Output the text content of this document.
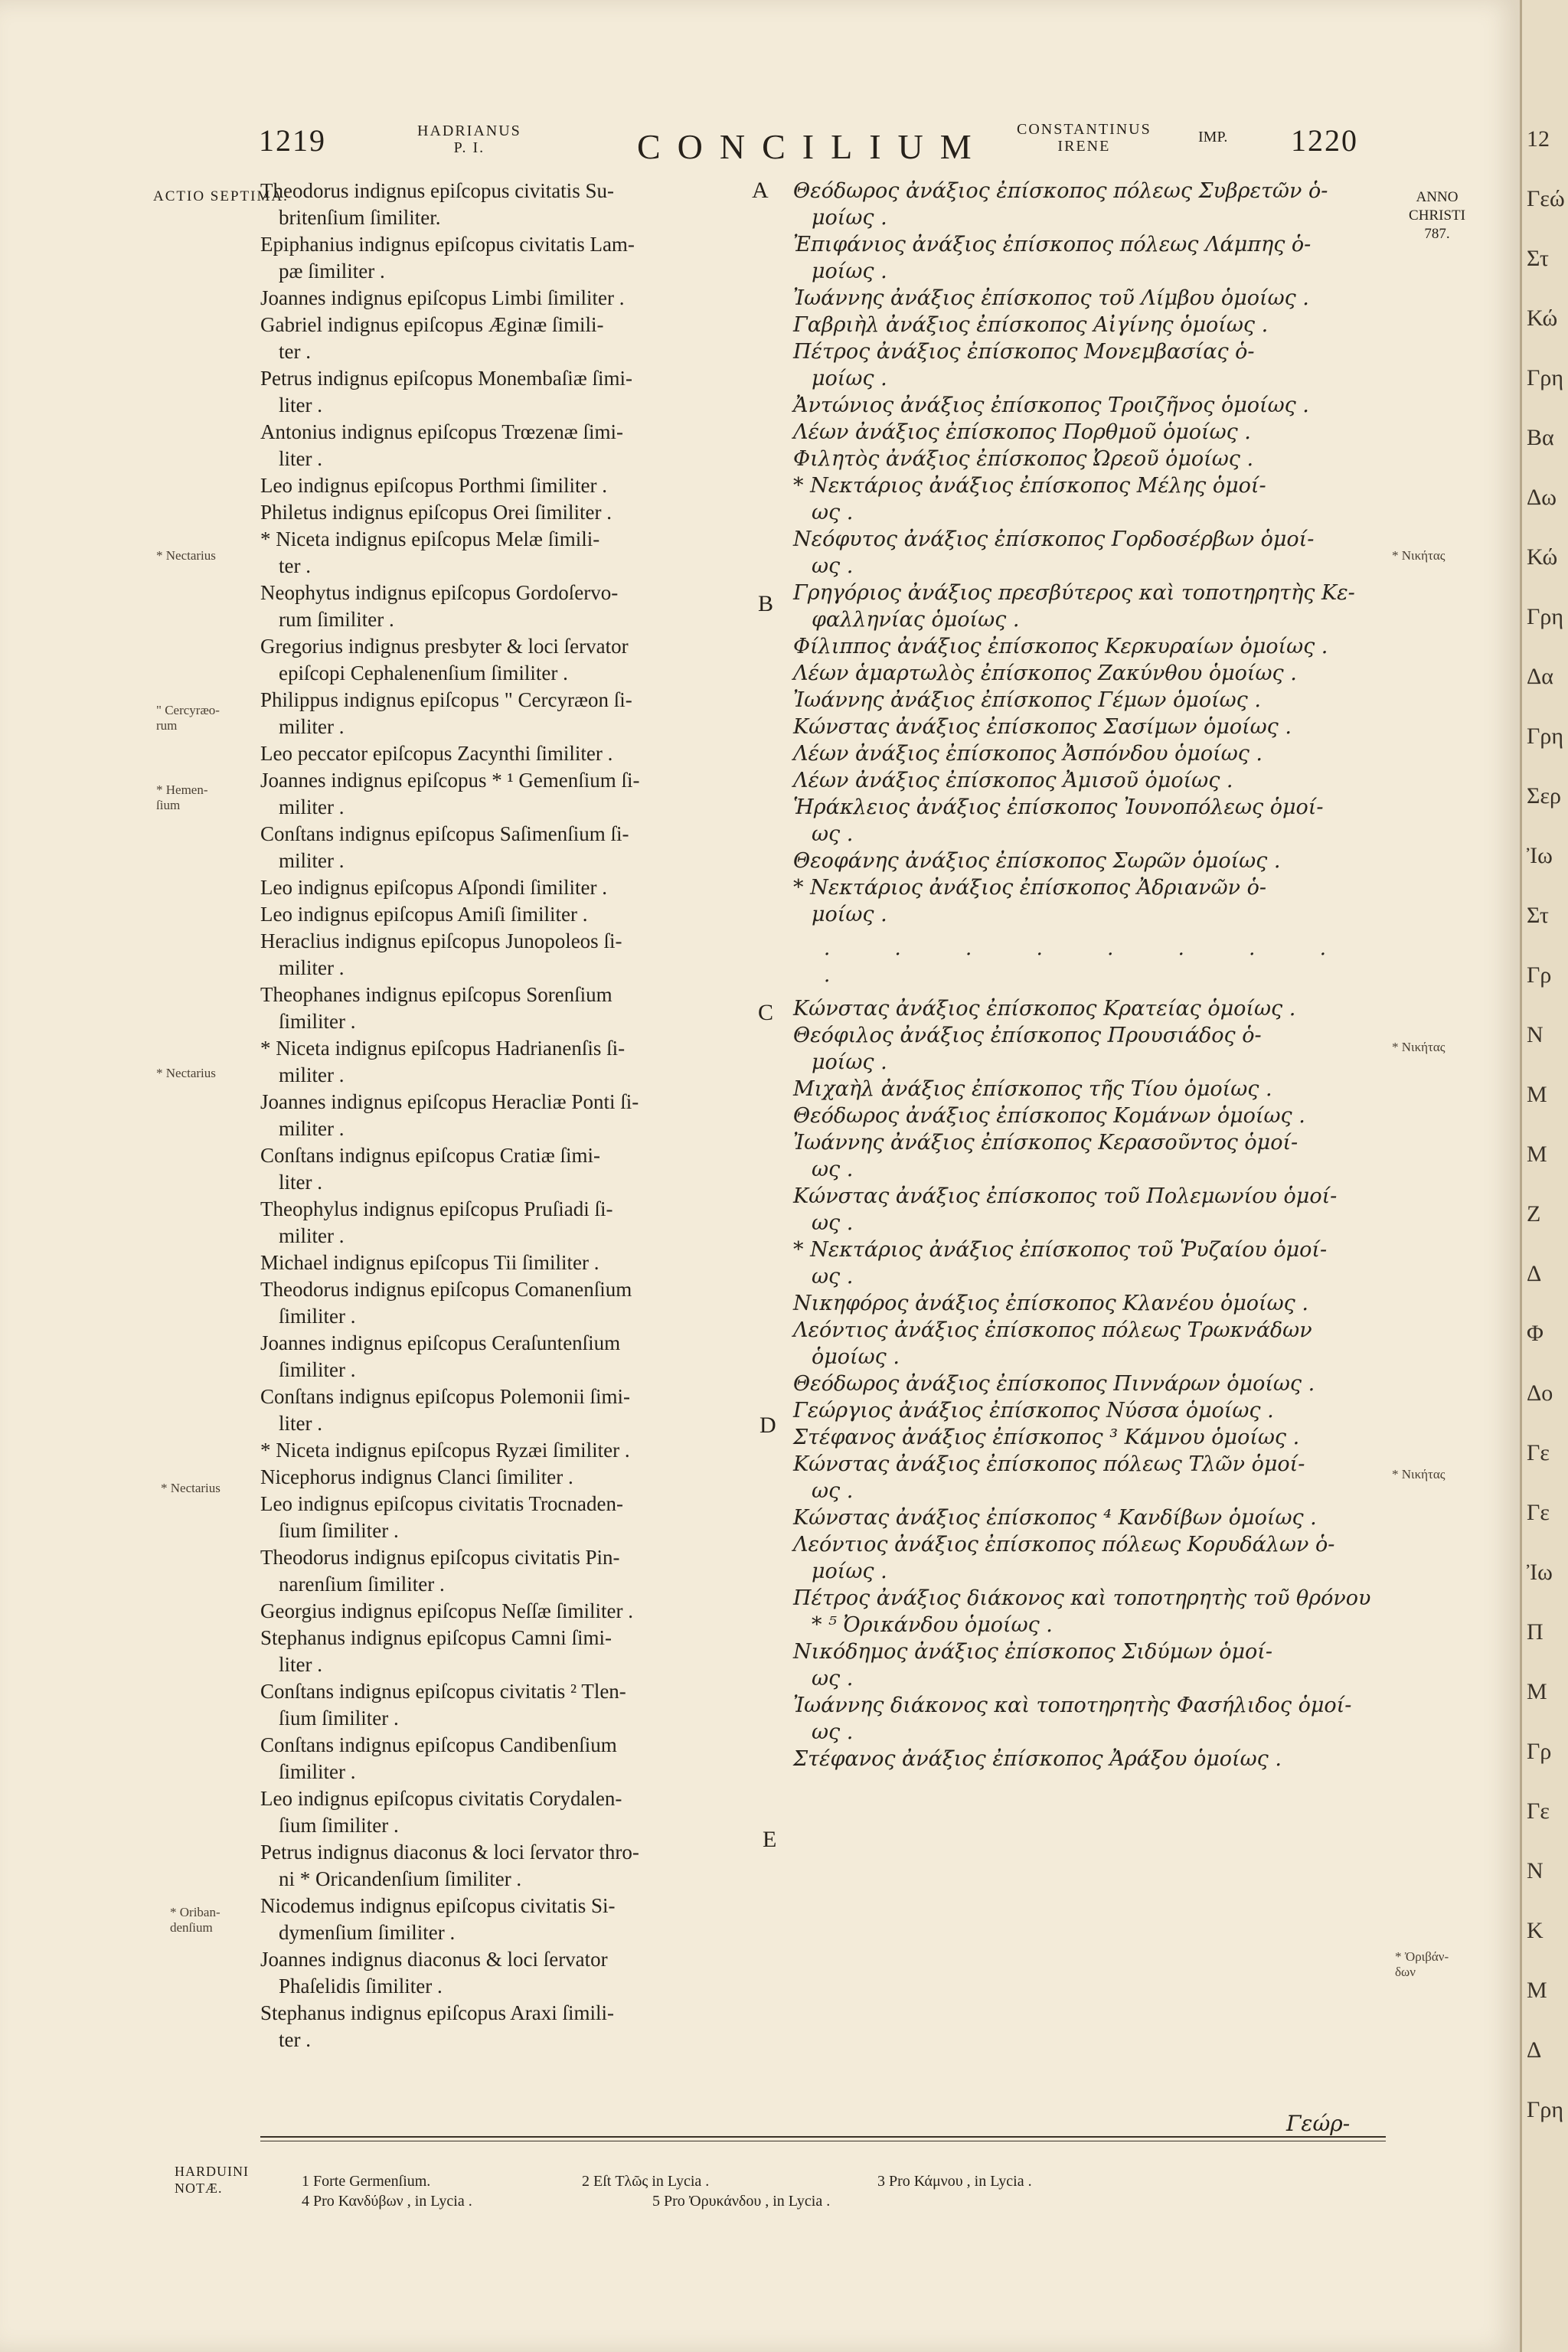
1219	HADRIANUS
P. I.	CONCILIUM CONSTANTINUS
IRENE
IMP. 1220
ACTIO SEPTIMA.	ANNO
CHRISTI
787.

Theodorus indignus epiſcopus civitatis Su-
britenſium ſimiliter.

Epiphanius indignus epiſcopus civitatis Lam-
pæ ſimiliter .

Joannes indignus epiſcopus Limbi ſimiliter .

Gabriel indignus epiſcopus Æginæ ſimili-
ter .

Petrus indignus epiſcopus Monembaſiæ ſimi-
liter .

Antonius indignus epiſcopus Trœzenæ ſimi-
liter .

Leo indignus epiſcopus Porthmi ſimiliter .

Philetus indignus epiſcopus Orei ſimiliter .

* Niceta indignus epiſcopus Melæ ſimili-
ter .

Neophytus indignus epiſcopus Gordoſervo-
rum ſimiliter .

Gregorius indignus presbyter & loci ſervator
epiſcopi Cephalenenſium ſimiliter .

Philippus indignus epiſcopus " Cercyræon ſi-
militer .

Leo peccator epiſcopus Zacynthi ſimiliter .

Joannes indignus epiſcopus * ¹ Gemenſium ſi-
militer .

Conſtans indignus epiſcopus Saſimenſium ſi-
militer .

Leo indignus epiſcopus Aſpondi ſimiliter .

Leo indignus epiſcopus Amiſi ſimiliter .

Heraclius indignus epiſcopus Junopoleos ſi-
militer .

Theophanes indignus epiſcopus Sorenſium
ſimiliter .

* Niceta indignus epiſcopus Hadrianenſis ſi-
militer .

Joannes indignus epiſcopus Heracliæ Ponti ſi-
militer .

Conſtans indignus epiſcopus Cratiæ ſimi-
liter .

Theophylus indignus epiſcopus Pruſiadi ſi-
militer .

Michael indignus epiſcopus Tii ſimiliter .

Theodorus indignus epiſcopus Comanenſium
ſimiliter .

Joannes indignus epiſcopus Ceraſuntenſium
ſimiliter .

Conſtans indignus epiſcopus Polemonii ſimi-
liter .

* Niceta indignus epiſcopus Ryzæi ſimiliter .

Nicephorus indignus Clanci ſimiliter .

Leo indignus epiſcopus civitatis Trocnaden-
ſium ſimiliter .

Theodorus indignus epiſcopus civitatis Pin-
narenſium ſimiliter .

Georgius indignus epiſcopus Neſſæ ſimiliter .

Stephanus indignus epiſcopus Camni ſimi-
liter .

Conſtans indignus epiſcopus civitatis ² Tlen-
ſium ſimiliter .

Conſtans indignus epiſcopus Candibenſium
ſimiliter .

Leo indignus epiſcopus civitatis Corydalen-
ſium ſimiliter .

Petrus indignus diaconus & loci ſervator thro-
ni * Oricandenſium ſimiliter .

Nicodemus indignus epiſcopus civitatis Si-
dymenſium ſimiliter .

Joannes indignus diaconus & loci ſervator
Phaſelidis ſimiliter .

Stephanus indignus epiſcopus Araxi ſimili-
ter .

Θεόδωρος ἀνάξιος ἐπίσκοπος πόλεως Συβρετῶν ὁ-
μοίως .

Ἐπιφάνιος ἀνάξιος ἐπίσκοπος πόλεως Λάμπης ὁ-
μοίως .

Ἰωάννης ἀνάξιος ἐπίσκοπος τοῦ Λίμβου ὁμοίως .

Γαβριὴλ ἀνάξιος ἐπίσκοπος Αἰγίνης ὁμοίως .

Πέτρος ἀνάξιος ἐπίσκοπος Μονεμβασίας ὁ-
μοίως .

Ἀντώνιος ἀνάξιος ἐπίσκοπος Τροιζῆνος ὁμοίως .

Λέων ἀνάξιος ἐπίσκοπος Πορθμοῦ ὁμοίως .

Φιλητὸς ἀνάξιος ἐπίσκοπος Ὠρεοῦ ὁμοίως .

* Νεκτάριος ἀνάξιος ἐπίσκοπος Μέλης ὁμοί-
ως .

Νεόφυτος ἀνάξιος ἐπίσκοπος Γορδοσέρβων ὁμοί-
ως .

Γρηγόριος ἀνάξιος πρεσβύτερος καὶ τοποτηρητὴς Κε-
φαλληνίας ὁμοίως .

Φίλιππος ἀνάξιος ἐπίσκοπος Κερκυραίων ὁμοίως .

Λέων ἁμαρτωλὸς ἐπίσκοπος Ζακύνθου ὁμοίως .

Ἰωάννης ἀνάξιος ἐπίσκοπος Γέμων ὁμοίως .

Κώνστας ἀνάξιος ἐπίσκοπος Σασίμων ὁμοίως .

Λέων ἀνάξιος ἐπίσκοπος Ἀσπόνδου ὁμοίως .

Λέων ἀνάξιος ἐπίσκοπος Ἀμισοῦ ὁμοίως .

Ἡράκλειος ἀνάξιος ἐπίσκοπος Ἰουνοπόλεως ὁμοί-
ως .

Θεοφάνης ἀνάξιος ἐπίσκοπος Σωρῶν ὁμοίως .

* Νεκτάριος ἀνάξιος ἐπίσκοπος Ἀδριανῶν ὁ-
μοίως .

· · · · · · · · ·

Κώνστας ἀνάξιος ἐπίσκοπος Κρατείας ὁμοίως .

Θεόφιλος ἀνάξιος ἐπίσκοπος Προυσιάδος ὁ-
μοίως .

Μιχαὴλ ἀνάξιος ἐπίσκοπος τῆς Τίου ὁμοίως .

Θεόδωρος ἀνάξιος ἐπίσκοπος Κομάνων ὁμοίως .

Ἰωάννης ἀνάξιος ἐπίσκοπος Κερασοῦντος ὁμοί-
ως .

Κώνστας ἀνάξιος ἐπίσκοπος τοῦ Πολεμωνίου ὁμοί-
ως .

* Νεκτάριος ἀνάξιος ἐπίσκοπος τοῦ Ῥυζαίου ὁμοί-
ως .

Νικηφόρος ἀνάξιος ἐπίσκοπος Κλανέου ὁμοίως .

Λεόντιος ἀνάξιος ἐπίσκοπος πόλεως Τρωκνάδων
ὁμοίως .

Θεόδωρος ἀνάξιος ἐπίσκοπος Πιννάρων ὁμοίως .

Γεώργιος ἀνάξιος ἐπίσκοπος Νύσσα ὁμοίως .

Στέφανος ἀνάξιος ἐπίσκοπος ³ Κάμνου ὁμοίως .

Κώνστας ἀνάξιος ἐπίσκοπος πόλεως Τλῶν ὁμοί-
ως .

Κώνστας ἀνάξιος ἐπίσκοπος ⁴ Κανδίβων ὁμοίως .

Λεόντιος ἀνάξιος ἐπίσκοπος πόλεως Κορυδάλων ὁ-
μοίως .

Πέτρος ἀνάξιος διάκονος καὶ τοποτηρητὴς τοῦ θρόνου
* ⁵ Ὀρικάνδου ὁμοίως .

Νικόδημος ἀνάξιος ἐπίσκοπος Σιδύμων ὁμοί-
ως .

Ἰωάννης διάκονος καὶ τοποτηρητὴς Φασήλιδος ὁμοί-
ως .

Στέφανος ἀνάξιος ἐπίσκοπος Ἀράξου ὁμοίως .

A
B
C
D
E
* Nectarius
" Cercyræo-
rum
* Hemen-
ſium
* Nectarius
* Nectarius
* Oriban-
denſium
* Νικήτας
* Νικήτας
* Νικήτας
* Ὀριβάν-
δων
Γεώρ-
HARDUINI
NOTÆ.	1 Forte Germenſium.
4 Pro Κανδύβων , in Lycia .
2 Eſt Τλῶς in Lycia .
5 Pro Ὀρυκάνδου , in Lycia .
3 Pro Κάμνου , in Lycia .
12
Γεώ
Στ
Κώ
Γρη
Βα
Δω
Κώ
Γρη
Δα
Γρη
Σερ
Ἰω
Στ
Γρ
Ν
Μ
Μ
Ζ
Δ
Φ
Δο
Γε
Γε
Ἰω
Π
Μ
Γρ
Γε
Ν
Κ
Μ
Δ
Γρη
